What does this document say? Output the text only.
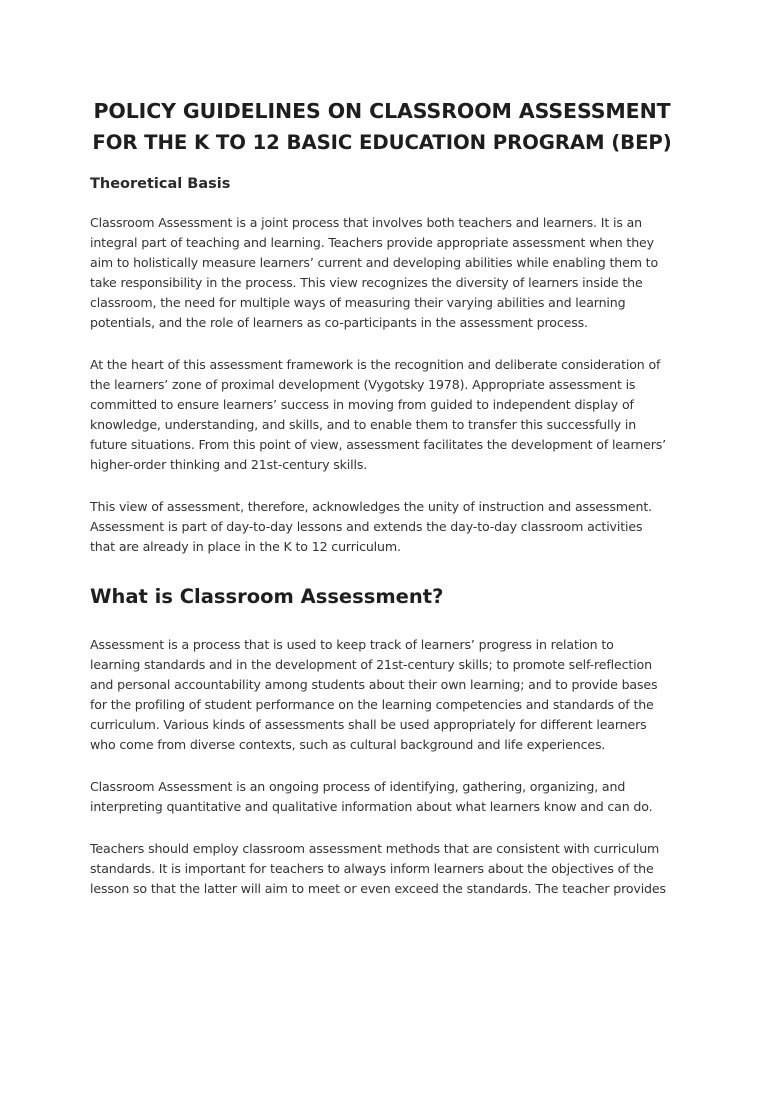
POLICY GUIDELINES ON CLASSROOM ASSESSMENT
FOR THE K TO 12 BASIC EDUCATION PROGRAM (BEP)
Theoretical Basis

Classroom Assessment is a joint process that involves both teachers and learners. It is an
integral part of teaching and learning. Teachers provide appropriate assessment when they
aim to holistically measure learners’ current and developing abilities while enabling them to
take responsibility in the process. This view recognizes the diversity of learners inside the
classroom, the need for multiple ways of measuring their varying abilities and learning
potentials, and the role of learners as co-participants in the assessment process.

At the heart of this assessment framework is the recognition and deliberate consideration of
the learners’ zone of proximal development (Vygotsky 1978). Appropriate assessment is
committed to ensure learners’ success in moving from guided to independent display of
knowledge, understanding, and skills, and to enable them to transfer this successfully in
future situations. From this point of view, assessment facilitates the development of learners’
higher-order thinking and 21st-century skills.

This view of assessment, therefore, acknowledges the unity of instruction and assessment.
Assessment is part of day-to-day lessons and extends the day-to-day classroom activities
that are already in place in the K to 12 curriculum.

What is Classroom Assessment?

Assessment is a process that is used to keep track of learners’ progress in relation to
learning standards and in the development of 21st-century skills; to promote self-reflection
and personal accountability among students about their own learning; and to provide bases
for the profiling of student performance on the learning competencies and standards of the
curriculum. Various kinds of assessments shall be used appropriately for different learners
who come from diverse contexts, such as cultural background and life experiences.

Classroom Assessment is an ongoing process of identifying, gathering, organizing, and
interpreting quantitative and qualitative information about what learners know and can do.

Teachers should employ classroom assessment methods that are consistent with curriculum
standards. It is important for teachers to always inform learners about the objectives of the
lesson so that the latter will aim to meet or even exceed the standards. The teacher provides
